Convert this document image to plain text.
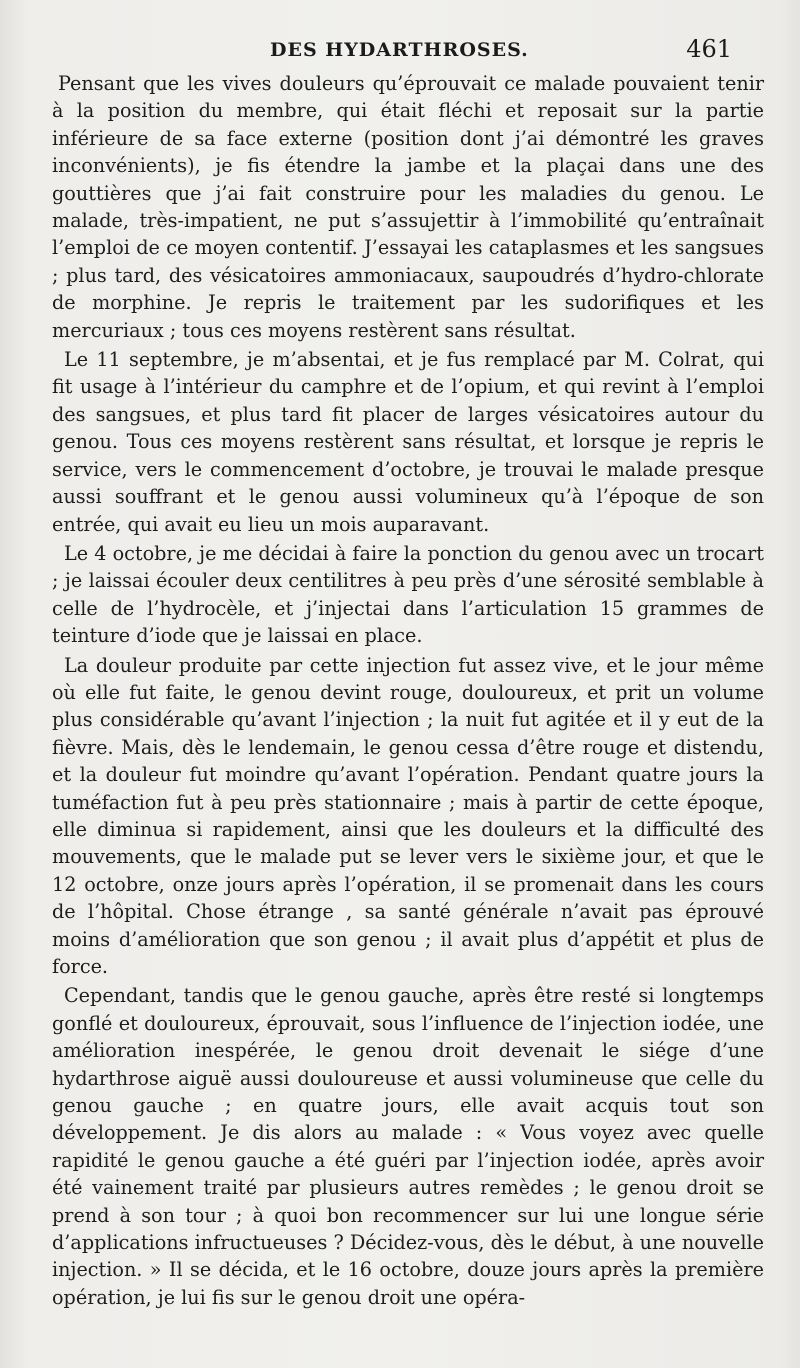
DES HYDARTHROSES.	461

Pensant que les vives douleurs qu’éprouvait ce malade pouvaient tenir à la position du membre, qui était fléchi et reposait sur la partie inférieure de sa face externe (position dont j’ai démontré les graves inconvénients), je fis étendre la jambe et la plaçai dans une des gouttières que j’ai fait construire pour les maladies du genou. Le malade, très-impatient, ne put s’assujettir à l’immobilité qu’entraînait l’emploi de ce moyen contentif. J’essayai les cataplasmes et les sangsues ; plus tard, des vésicatoires ammoniacaux, saupoudrés d’hydro-chlorate de morphine. Je repris le traitement par les sudorifiques et les mercuriaux ; tous ces moyens restèrent sans résultat.

Le 11 septembre, je m’absentai, et je fus remplacé par M. Colrat, qui fit usage à l’intérieur du camphre et de l’opium, et qui revint à l’emploi des sangsues, et plus tard fit placer de larges vésicatoires autour du genou. Tous ces moyens restèrent sans résultat, et lorsque je repris le service, vers le commencement d’octobre, je trouvai le malade presque aussi souffrant et le genou aussi volumineux qu’à l’époque de son entrée, qui avait eu lieu un mois auparavant.

Le 4 octobre, je me décidai à faire la ponction du genou avec un trocart ; je laissai écouler deux centilitres à peu près d’une sérosité semblable à celle de l’hydrocèle, et j’injectai dans l’articulation 15 grammes de teinture d’iode que je laissai en place.

La douleur produite par cette injection fut assez vive, et le jour même où elle fut faite, le genou devint rouge, douloureux, et prit un volume plus considérable qu’avant l’injection ; la nuit fut agitée et il y eut de la fièvre. Mais, dès le lendemain, le genou cessa d’être rouge et distendu, et la douleur fut moindre qu’avant l’opération. Pendant quatre jours la tuméfaction fut à peu près stationnaire ; mais à partir de cette époque, elle diminua si rapidement, ainsi que les douleurs et la difficulté des mouvements, que le malade put se lever vers le sixième jour, et que le 12 octobre, onze jours après l’opération, il se promenait dans les cours de l’hôpital. Chose étrange , sa santé générale n’avait pas éprouvé moins d’amélioration que son genou ; il avait plus d’appétit et plus de force.

Cependant, tandis que le genou gauche, après être resté si longtemps gonflé et douloureux, éprouvait, sous l’influence de l’injection iodée, une amélioration inespérée, le genou droit devenait le siége d’une hydarthrose aiguë aussi douloureuse et aussi volumineuse que celle du genou gauche ; en quatre jours, elle avait acquis tout son développement. Je dis alors au malade : « Vous voyez avec quelle rapidité le genou gauche a été guéri par l’injection iodée, après avoir été vainement traité par plusieurs autres remèdes ; le genou droit se prend à son tour ; à quoi bon recommencer sur lui une longue série d’applications infructueuses ? Décidez-vous, dès le début, à une nouvelle injection. » Il se décida, et le 16 octobre, douze jours après la première opération, je lui fis sur le genou droit une opéra-
